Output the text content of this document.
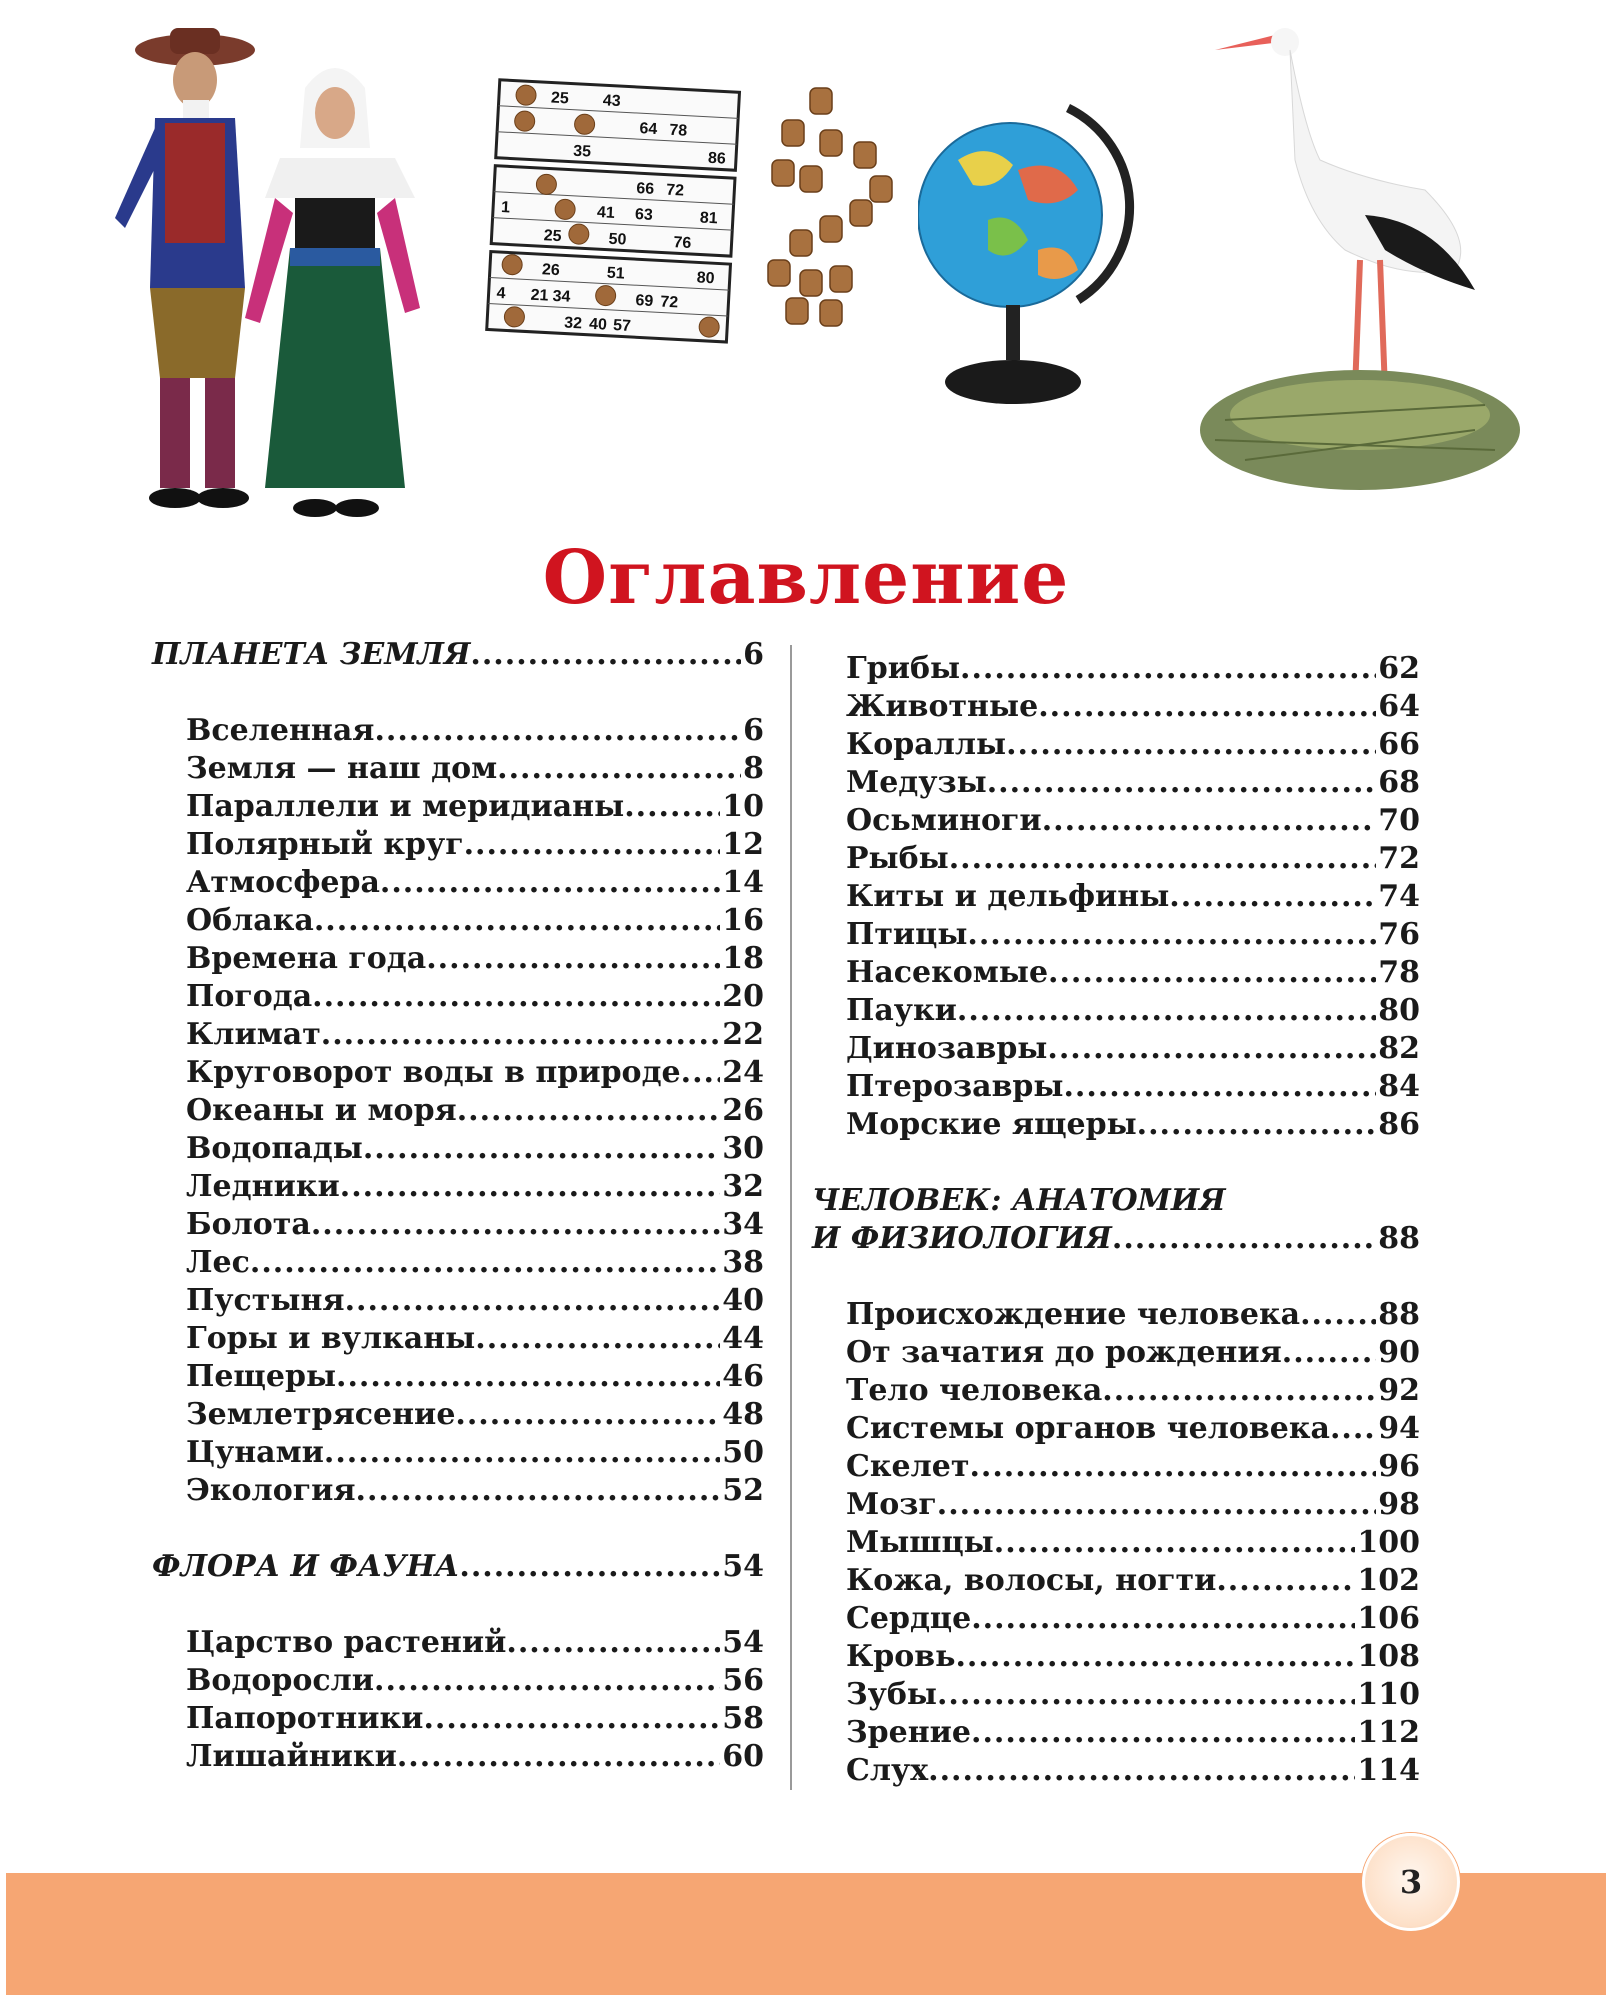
25 43
64 78
35	86
66 72
41 63	81
1
25	50	76
26	51	80
4 21 34	69 72
32 40 57
Оглавление
ПЛАНЕТА ЗЕМЛЯ .....	6
Вселенная .....	6
Земля — наш дом .....	8
Параллели и меридианы .....	10
Полярный круг .....	12
Атмосфера .....	14
Облака .....	16
Времена года .....	18
Погода .....	20
Климат .....	22
Круговорот воды в природе ..... 24
Океаны и моря .....	26
Водопады .....	30
Ледники .....	32
Болота .....	34
Лес .....	38
Пустыня .....	40
Горы и вулканы .....	44
Пещеры .....	46
Землетрясение .....	48
Цунами .....	50
Экология .....	52
ФЛОРА И ФАУНА .....	54
Царство растений .....	54
Водоросли .....	56
Папоротники .....	58
Лишайники .....	60
Грибы .....	62
Животные .....	64
Кораллы .....	66
Медузы .....	68
Осьминоги .....	70
Рыбы .....	72
Киты и дельфины .....	74
Птицы .....	76
Насекомые .....	78
Пауки .....	80
Динозавры .....	82
Птерозавры .....	84
Морские ящеры .....	86
ЧЕЛОВЕК: АНАТОМИЯ
И ФИЗИОЛОГИЯ .....	88
Происхождение человека .....	88
От зачатия до рождения .....	90
Тело человека .....	92
Системы органов человека ..... 94
Скелет .....	96
Мозг .....	98
Мышцы .....	100
Кожа, волосы, ногти .....	102
Сердце .....	106
Кровь .....	108
Зубы .....	110
Зрение .....	112
Слух .....	114
3
